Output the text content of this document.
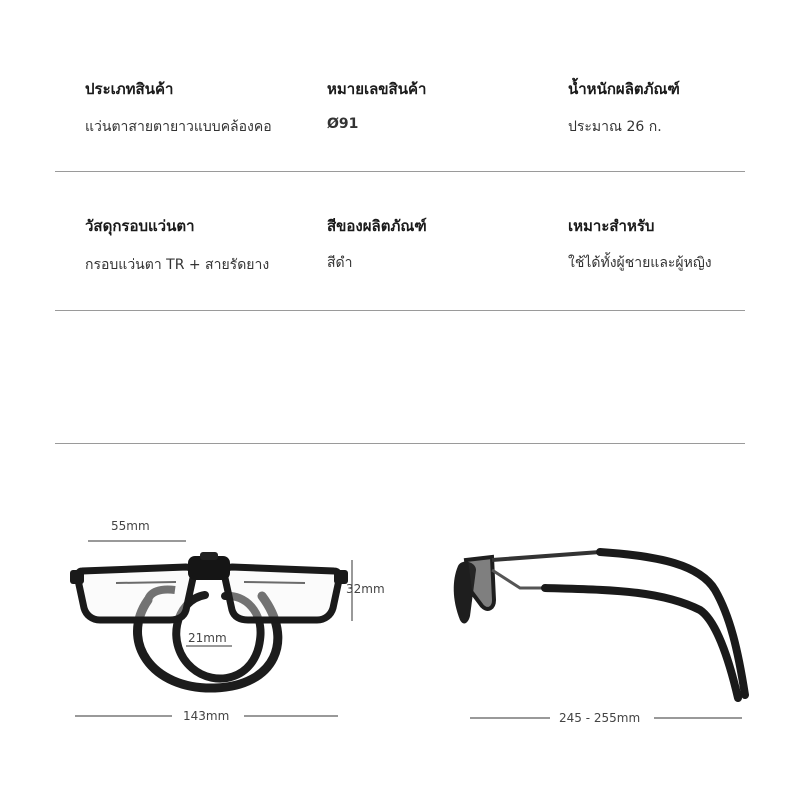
ประเภทสินค้า
แว่นตาสายตายาวแบบคล้องคอ
หมายเลขสินค้า
Ø91
น้ำหนักผลิตภัณฑ์
ประมาณ 26 ก.
วัสดุกรอบแว่นตา
กรอบแว่นตา TR + สายรัดยาง
สีของผลิตภัณฑ์
สีดำ
เหมาะสำหรับ
ใช้ได้ทั้งผู้ชายและผู้หญิง
55mm
32mm
21mm
143mm	245 - 255mm
